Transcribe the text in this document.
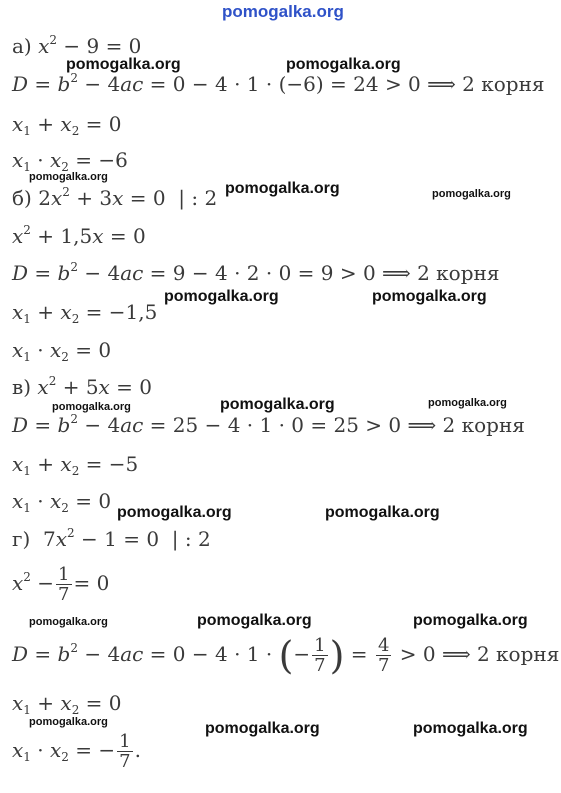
pomogalka.org
а) $x^2 - 9 = 0$
$D = b^2 - 4ac = 0 - 4 \cdot 1 \cdot (-6) = 24 > 0$ ⟹ 2 корня
$x_1 + x_2 = 0$
$x_1 \cdot x_2 = -6$
б) $2x^2 + 3x = 0$  | : 2
$x^2 + 1,5x = 0$
$D = b^2 - 4ac = 9 - 4 \cdot 2 \cdot 0 = 9 > 0$ ⟹ 2 корня
$x_1 + x_2 = -1,5$
$x_1 \cdot x_2 = 0$
в) $x^2 + 5x = 0$
$D = b^2 - 4ac = 25 - 4 \cdot 1 \cdot 0 = 25 > 0$ ⟹ 2 корня
$x_1 + x_2 = -5$
$x_1 \cdot x_2 = 0$
г)  $7x^2 - 1 = 0$  | : 2
$x^2 - \frac{1}{7} = 0$
$D = b^2 - 4ac = 0 - 4 \cdot 1$ · (− $\frac{1}{7}$ ) = $\frac{4}{7} > 0$ ⟹ 2 корня
$x_1 + x_2 = 0$
$x_1 \cdot x_2$ = − $\frac{1}{7}$ .
pomogalka.org	pomogalka.org
pomogalka.org
pomogalka.org	pomogalka.org
pomogalka.org	pomogalka.org
pomogalka.org	pomogalka.org	pomogalka.org
pomogalka.org	pomogalka.org
pomogalka.org	pomogalka.org	pomogalka.org
pomogalka.org	pomogalka.org	pomogalka.org
